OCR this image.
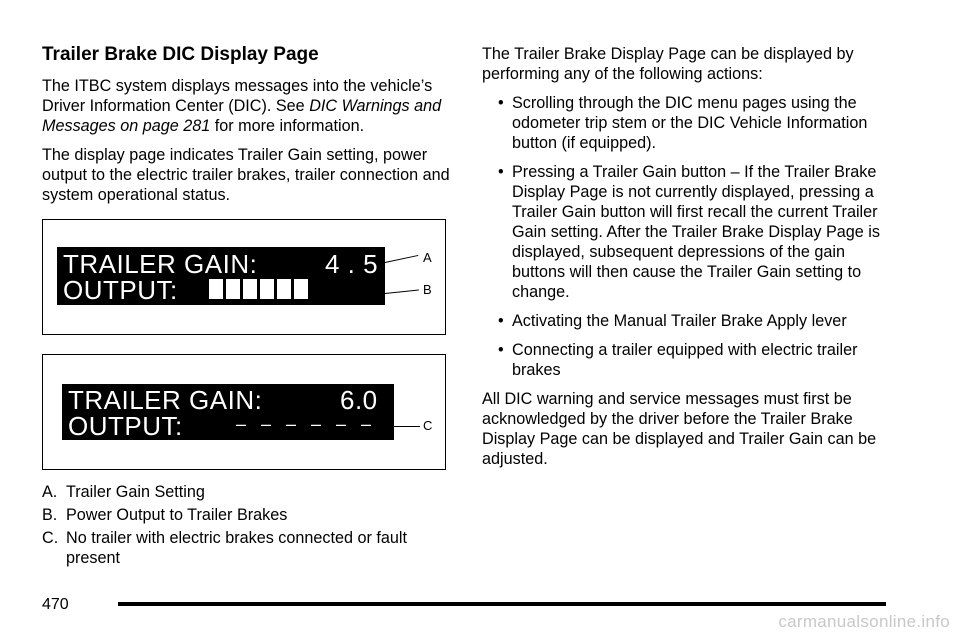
Trailer Brake DIC Display Page

The ITBC system displays messages into the vehicle’s Driver Information Center (DIC). See DIC Warnings and Messages on page 281 for more information.

The display page indicates Trailer Gain setting, power output to the electric trailer brakes, trailer connection and system operational status.

TRAILER GAIN:	4 . 5
OUTPUT:
A
B
TRAILER GAIN:	6.0
OUTPUT:	– – – – – –	C
A. Trailer Gain Setting
B. Power Output to Trailer Brakes
C. No trailer with electric brakes connected or fault present

The Trailer Brake Display Page can be displayed by performing any of the following actions:

• Scrolling through the DIC menu pages using the odometer trip stem or the DIC Vehicle Information button (if equipped).
• Pressing a Trailer Gain button – If the Trailer Brake Display Page is not currently displayed, pressing a Trailer Gain button will first recall the current Trailer Gain setting. After the Trailer Brake Display Page is displayed, subsequent depressions of the gain buttons will then cause the Trailer Gain setting to change.
• Activating the Manual Trailer Brake Apply lever
• Connecting a trailer equipped with electric trailer brakes

All DIC warning and service messages must first be acknowledged by the driver before the Trailer Brake Display Page can be displayed and Trailer Gain can be adjusted.

470
carmanualsonline.info
